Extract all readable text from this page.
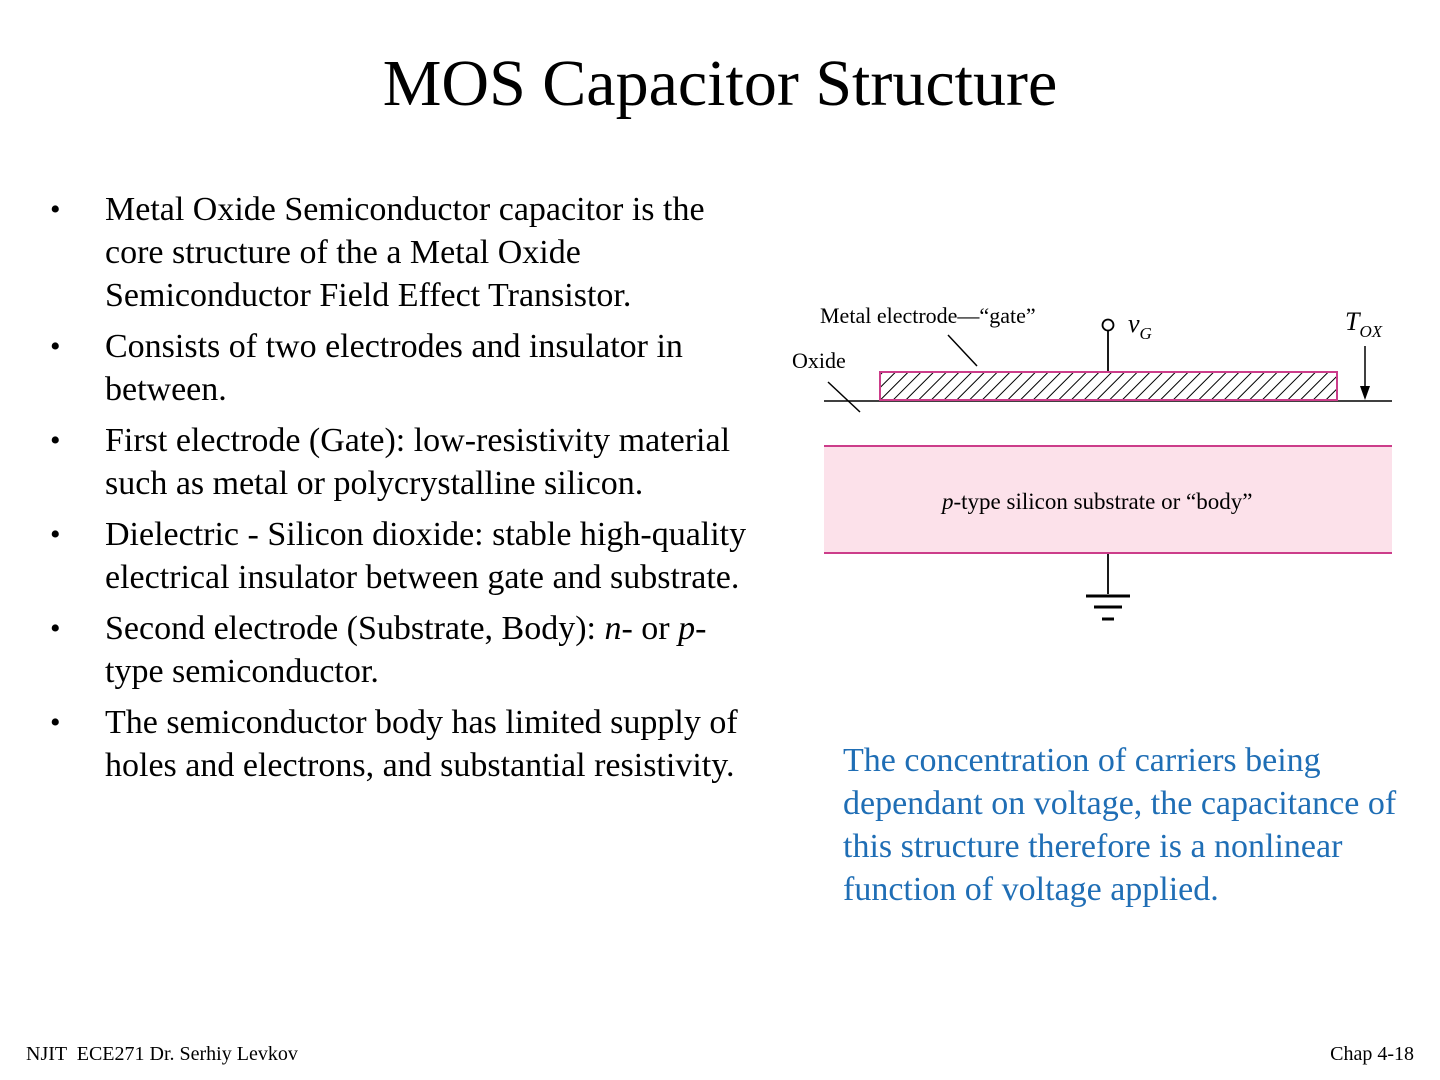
MOS Capacitor Structure
• Metal Oxide Semiconductor capacitor is the core structure of the a Metal Oxide Semiconductor Field Effect Transistor.
• Consists of two electrodes and insulator in between.
• First electrode (Gate): low-resistivity material such as metal or polycrystalline silicon.
• Dielectric - Silicon dioxide: stable high-quality electrical insulator between gate and substrate.
• Second electrode (Substrate, Body): n- or p-type semiconductor.
• The semiconductor body has limited supply of holes and electrons, and substantial resistivity.
Metal electrode—“gate”
Oxide
$v_G$	$T_{OX}$
p-type silicon substrate or “body”
The concentration of carriers being dependant on voltage, the capacitance of this structure therefore is a nonlinear function of voltage applied.
NJIT  ECE271 Dr. Serhiy Levkov	Chap 4-18
